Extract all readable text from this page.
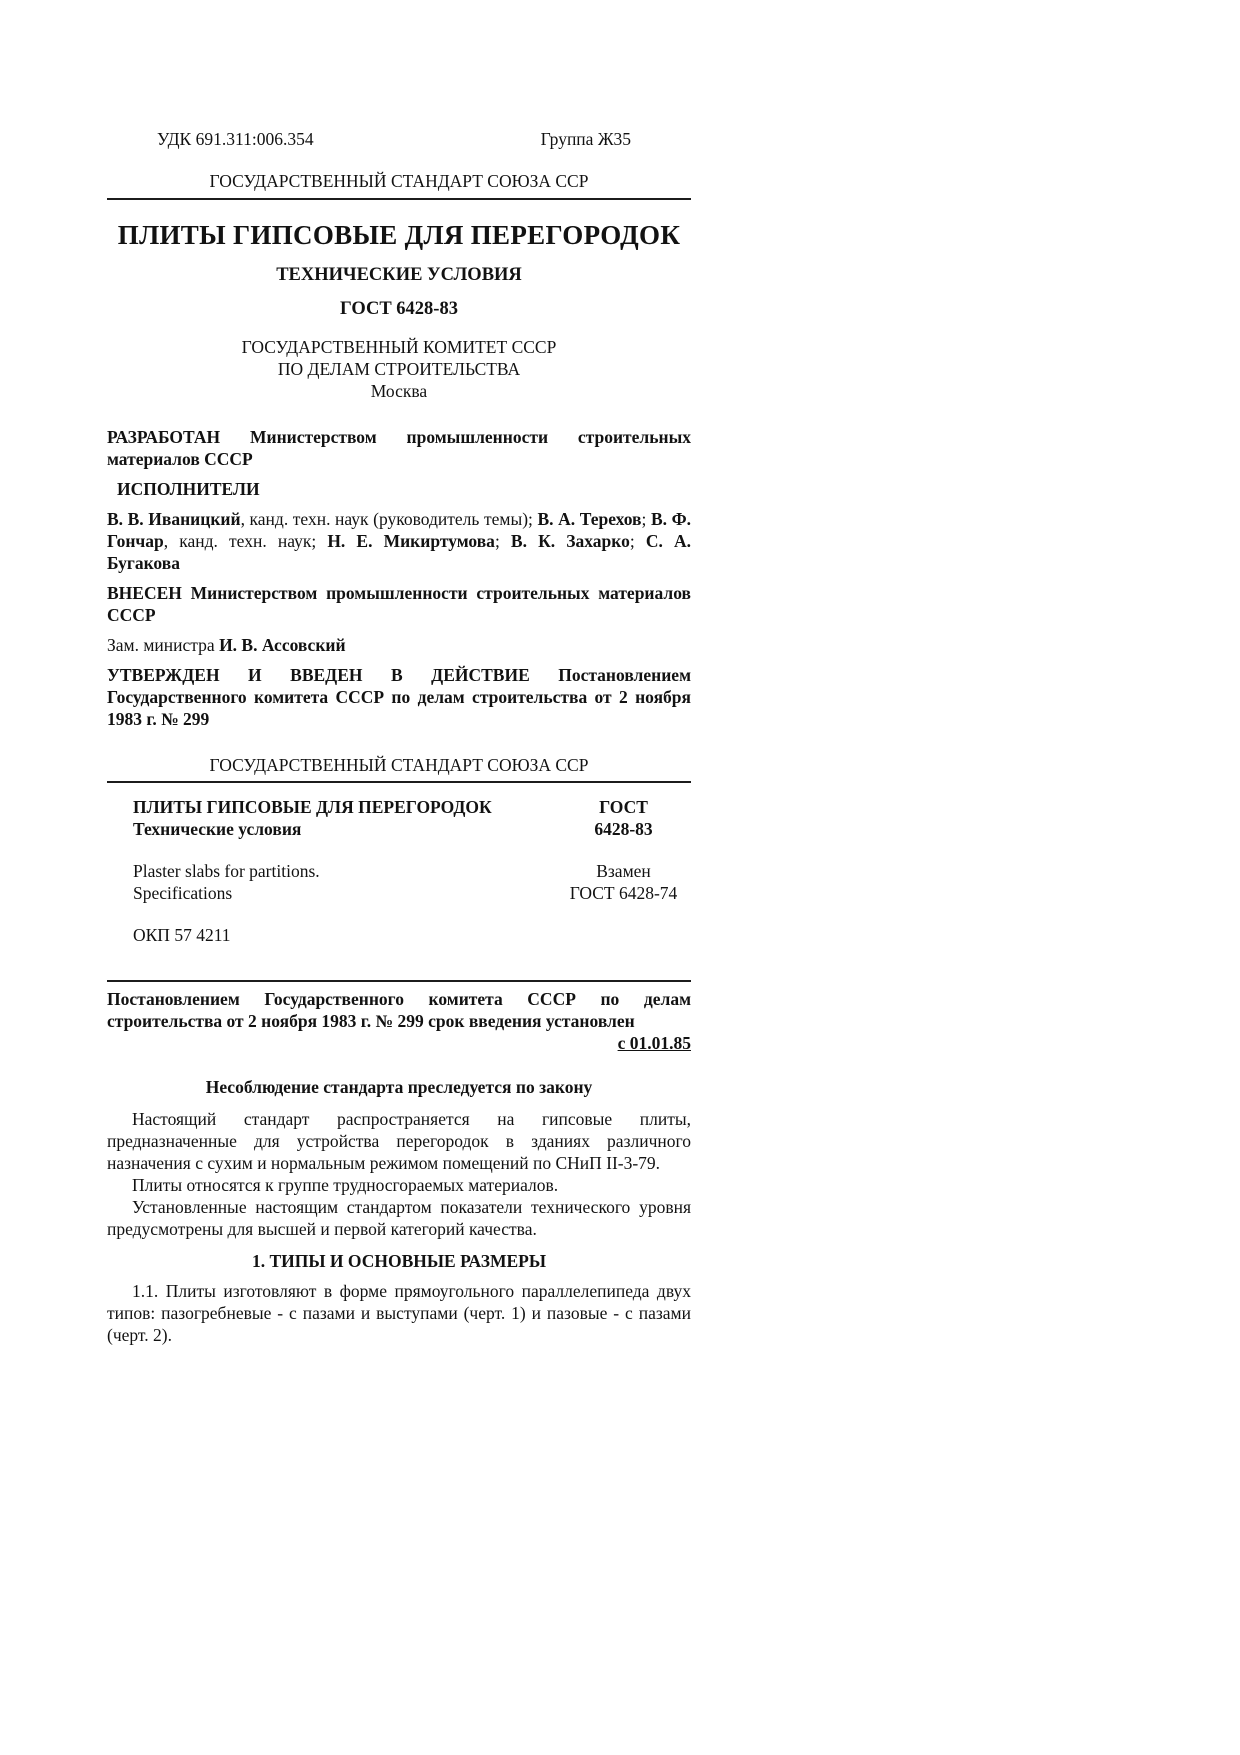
УДК 691.311:006.354	Группа Ж35
ГОСУДАРСТВЕННЫЙ СТАНДАРТ СОЮЗА ССР
ПЛИТЫ ГИПСОВЫЕ ДЛЯ ПЕРЕГОРОДОК
ТЕХНИЧЕСКИЕ УСЛОВИЯ
ГОСТ 6428-83
ГОСУДАРСТВЕННЫЙ КОМИТЕТ СССР
ПО ДЕЛАМ СТРОИТЕЛЬСТВА
Москва

РАЗРАБОТАН Министерством промышленности строительных материалов СССР

ИСПОЛНИТЕЛИ

В. В. Иваницкий, канд. техн. наук (руководитель темы); В. А. Терехов; В. Ф. Гончар, канд. техн. наук; Н. Е. Микиртумова; В. К. Захарко; С. А. Бугакова

ВНЕСЕН Министерством промышленности строительных материалов СССР

Зам. министра И. В. Ассовский

УТВЕРЖДЕН И ВВЕДЕН В ДЕЙСТВИЕ Постановлением Государственного комитета СССР по делам строительства от 2 ноября 1983 г. № 299

ГОСУДАРСТВЕННЫЙ СТАНДАРТ СОЮЗА ССР
ПЛИТЫ ГИПСОВЫЕ ДЛЯ ПЕРЕГОРОДОК
Технические условия
ГОСТ
6428-83
Plaster slabs for partitions.
Specifications
Взамен
ГОСТ 6428-74
ОКП 57 4211

Постановлением Государственного комитета СССР по делам строительства от 2 ноября 1983 г. № 299 срок введения установлен

с 01.01.85
Несоблюдение стандарта преследуется по закону

Настоящий стандарт распространяется на гипсовые плиты, предназначенные для устройства перегородок в зданиях различного назначения с сухим и нормальным режимом помещений по СНиП II-3-79.

Плиты относятся к группе трудносгораемых материалов.

Установленные настоящим стандартом показатели технического уровня предусмотрены для высшей и первой категорий качества.

1. ТИПЫ И ОСНОВНЫЕ РАЗМЕРЫ

1.1. Плиты изготовляют в форме прямоугольного параллелепипеда двух типов: пазогребневые - с пазами и выступами (черт. 1) и пазовые - с пазами (черт. 2).
